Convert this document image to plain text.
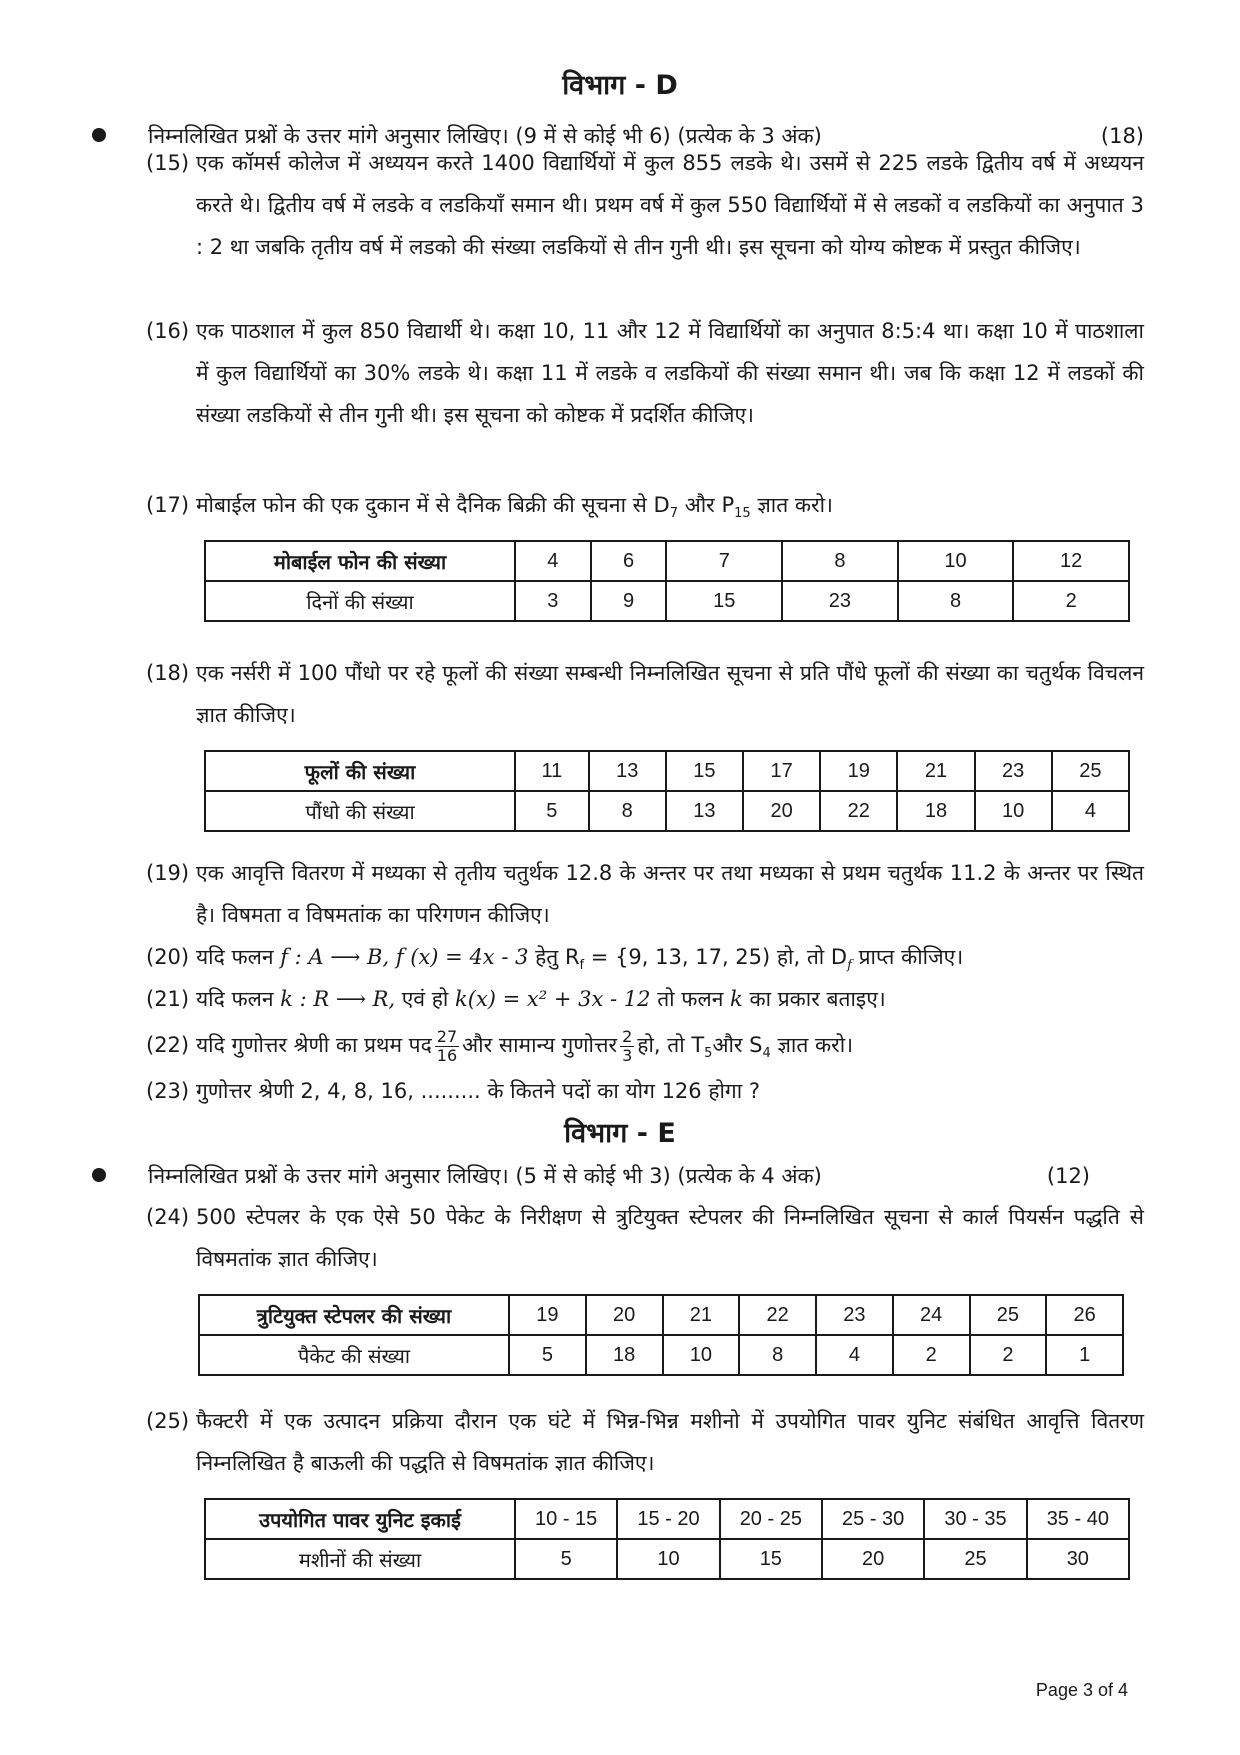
विभाग - D
निम्नलिखित प्रश्नों के उत्तर मांगे अनुसार लिखिए। (9 में से कोई भी 6) (प्रत्येक के 3 अंक)	(18)
(15) एक कॉमर्स कोलेज में अध्ययन करते 1400 विद्यार्थियों में कुल 855 लडके थे। उसमें से 225 लडके द्वितीय वर्ष में अध्ययन करते थे। द्वितीय वर्ष में लडके व लडकियाँ समान थी। प्रथम वर्ष में कुल 550 विद्यार्थियों में से लडकों व लडकियों का अनुपात 3 : 2 था जबकि तृतीय वर्ष में लडको की संख्या लडकियों से तीन गुनी थी। इस सूचना को योग्य कोष्टक में प्रस्तुत कीजिए।
(16) एक पाठशाल में कुल 850 विद्यार्थी थे। कक्षा 10, 11 और 12 में विद्यार्थियों का अनुपात 8:5:4 था। कक्षा 10 में पाठशाला में कुल विद्यार्थियों का 30% लडके थे। कक्षा 11 में लडके व लडकियों की संख्या समान थी। जब कि कक्षा 12 में लडकों की संख्या लडकियों से तीन गुनी थी। इस सूचना को कोष्टक में प्रदर्शित कीजिए।
(17) मोबाईल फोन की एक दुकान में से दैनिक बिक्री की सूचना से $D_7$ और $P_{15}$ ज्ञात करो।
मोबाईल फोन की संख्या	4	6	7	8	10	12
दिनों की संख्या	3	9	15	23	8	2
(18) एक नर्सरी में 100 पौंधो पर रहे फूलों की संख्या सम्बन्धी निम्नलिखित सूचना से प्रति पौंधे फूलों की संख्या का चतुर्थक विचलन ज्ञात कीजिए।
फूलों की संख्या	11	13	15	17	19	21	23	25
पौंधो की संख्या	5	8	13	20	22	18	10	4
(19) एक आवृत्ति वितरण में मध्यका से तृतीय चतुर्थक 12.8 के अन्तर पर तथा मध्यका से प्रथम चतुर्थक 11.2 के अन्तर पर स्थित है। विषमता व विषमतांक का परिगणन कीजिए।
(20) यदि फलन f : A ⟶ B, f (x) = 4x - 3 हेतु $R_f = \{9$, 13, 17, 25) हो, तो $D_f$ प्राप्त कीजिए।
(21) यदि फलन k : R ⟶ R, एवं हो k(x) = x² + 3x - 12 तो फलन k का प्रकार बताइए।
(22) यदि गुणोत्तर श्रेणी का प्रथम पद $\frac{27}{16}$ और सामान्य गुणोत्तर $\frac{2}{3}$ हो, तो $T_5और$ $S_4$ ज्ञात करो।
(23) गुणोत्तर श्रेणी 2, 4, 8, 16, ......... के कितने पदों का योग 126 होगा ?
विभाग - E
निम्नलिखित प्रश्नों के उत्तर मांगे अनुसार लिखिए। (5 में से कोई भी 3) (प्रत्येक के 4 अंक)	(12)
(24) 500 स्टेपलर के एक ऐसे 50 पेकेट के निरीक्षण से त्रुटियुक्त स्टेपलर की निम्नलिखित सूचना से कार्ल पियर्सन पद्धति से विषमतांक ज्ञात कीजिए।
त्रुटियुक्त स्टेपलर की संख्या	19	20	21	22	23	24	25	26
पैकेट की संख्या	5	18	10	8	4	2	2	1
(25) फैक्टरी में एक उत्पादन प्रक्रिया दौरान एक घंटे में भिन्न-भिन्न मशीनो में उपयोगित पावर युनिट संबंधित आवृत्ति वितरण निम्नलिखित है बाऊली की पद्धति से विषमतांक ज्ञात कीजिए।
उपयोगित पावर युनिट इकाई	10 - 15	15 - 20	20 - 25	25 - 30	30 - 35	35 - 40
मशीनों की संख्या	5	10	15	20	25	30
Page 3 of 4
